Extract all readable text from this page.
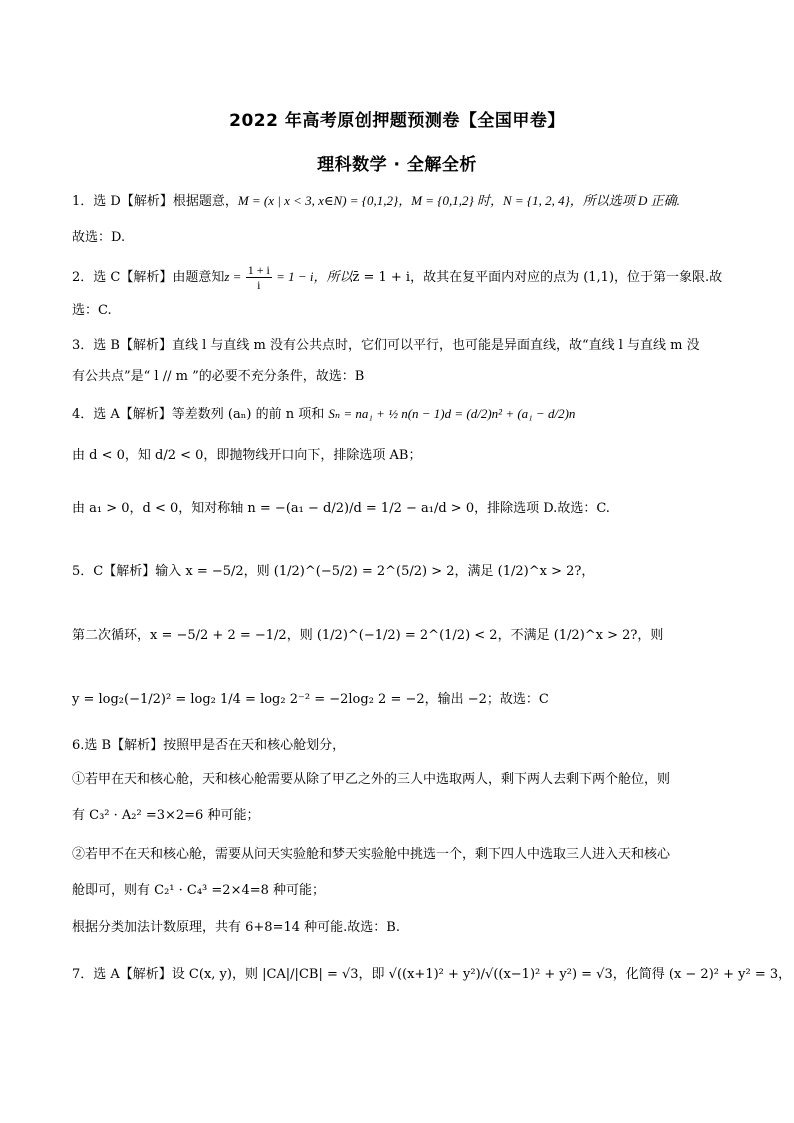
2022 年高考原创押题预测卷【全国甲卷】
理科数学 · 全解全析
1．选 D【解析】根据题意，M = (x | x < 3, x∈N) = {0,1,2}，M = {0,1,2} 时，N = {1, 2, 4}，所以选项 D 正确.
故选：D.
2．选 C【解析】由题意知$z = \frac{1 + i}{i} = 1 - i$，所以z̄ = 1 + i，故其在复平面内对应的点为 (1,1)，位于第一象限.故
选：C.
3．选 B【解析】直线 l 与直线 m 没有公共点时，它们可以平行，也可能是异面直线，故“直线 l 与直线 m 没
有公共点”是“ l // m ”的必要不充分条件，故选：B
4．选 A【解析】等差数列 (aₙ) 的前 n 项和 Sₙ = na₁ + ½ n(n − 1)d = (d/2)n² + (a₁ − d/2)n
由 d < 0，知 d/2 < 0，即抛物线开口向下，排除选项 AB；
由 a₁ > 0，d < 0，知对称轴 n = −(a₁ − d/2)/d = 1/2 − a₁/d > 0，排除选项 D.故选：C.
5．C【解析】输入 x = −5/2，则 (1/2)^(−5/2) = 2^(5/2) > 2，满足 (1/2)^x > 2?，
第二次循环，x = −5/2 + 2 = −1/2，则 (1/2)^(−1/2) = 2^(1/2) < 2，不满足 (1/2)^x > 2?，则
y = log₂(−1/2)² = log₂ 1/4 = log₂ 2⁻² = −2log₂ 2 = −2，输出 −2；故选：C
6.选 B【解析】按照甲是否在天和核心舱划分，
①若甲在天和核心舱，天和核心舱需要从除了甲乙之外的三人中选取两人，剩下两人去剩下两个舱位，则
有 C₃² · A₂² =3×2=6 种可能；
②若甲不在天和核心舱，需要从问天实验舱和梦天实验舱中挑选一个，剩下四人中选取三人进入天和核心
舱即可，则有 C₂¹ · C₄³ =2×4=8 种可能；
根据分类加法计数原理，共有 6+8=14 种可能.故选：B.
7．选 A【解析】设 C(x, y)，则 |CA|/|CB| = √3，即 √((x+1)² + y²)/√((x−1)² + y²) = √3，化简得 (x − 2)² + y² = 3，
